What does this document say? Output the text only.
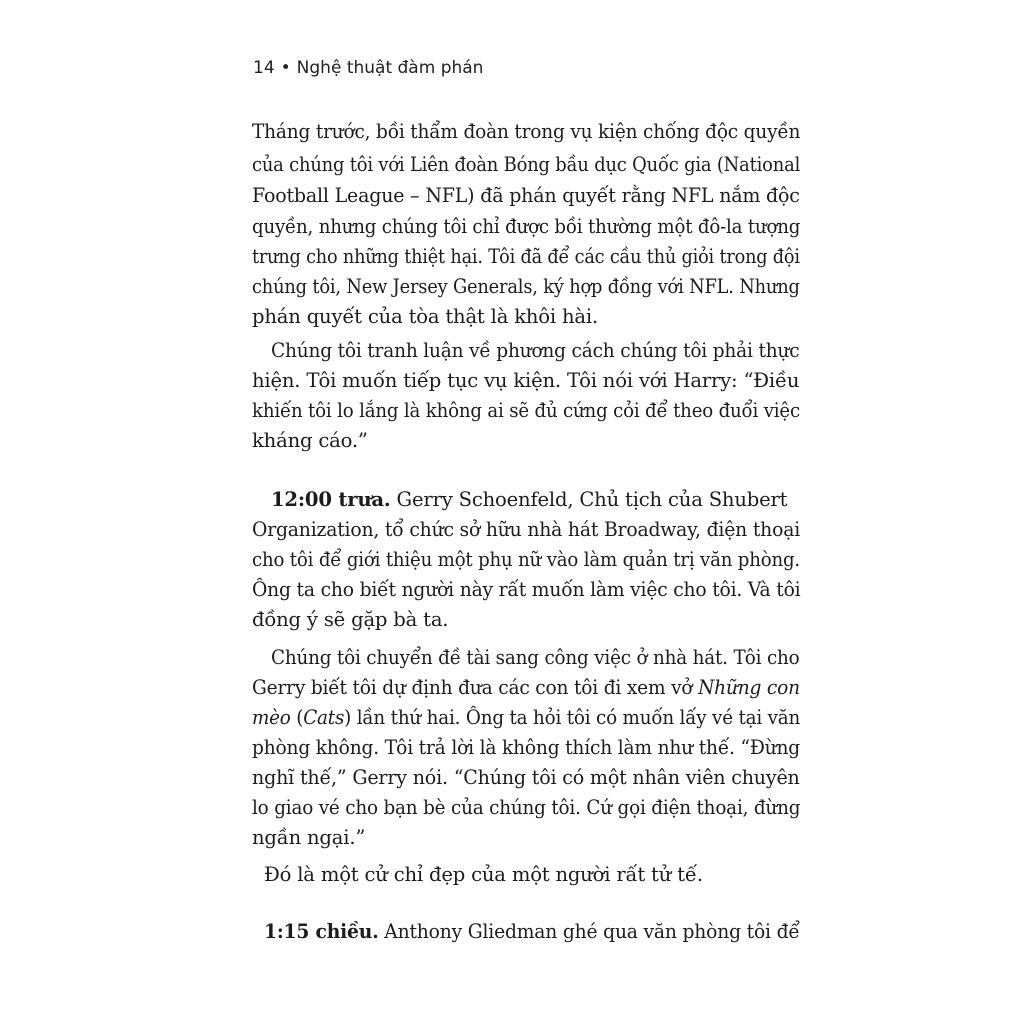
14 • Nghệ thuật đàm phán
Tháng trước, bồi thẩm đoàn trong vụ kiện chống độc quyền
của chúng tôi với Liên đoàn Bóng bầu dục Quốc gia (National
Football League – NFL) đã phán quyết rằng NFL nắm độc
quyền, nhưng chúng tôi chỉ được bồi thường một đô-la tượng
trưng cho những thiệt hại. Tôi đã để các cầu thủ giỏi trong đội
chúng tôi, New Jersey Generals, ký hợp đồng với NFL. Nhưng
phán quyết của tòa thật là khôi hài.
Chúng tôi tranh luận về phương cách chúng tôi phải thực
hiện. Tôi muốn tiếp tục vụ kiện. Tôi nói với Harry: “Điều
khiến tôi lo lắng là không ai sẽ đủ cứng cỏi để theo đuổi việc
kháng cáo.”
12:00 trưa. Gerry Schoenfeld, Chủ tịch của Shubert
Organization, tổ chức sở hữu nhà hát Broadway, điện thoại
cho tôi để giới thiệu một phụ nữ vào làm quản trị văn phòng.
Ông ta cho biết người này rất muốn làm việc cho tôi. Và tôi
đồng ý sẽ gặp bà ta.
Chúng tôi chuyển đề tài sang công việc ở nhà hát. Tôi cho
Gerry biết tôi dự định đưa các con tôi đi xem vở Những con
mèo (Cats) lần thứ hai. Ông ta hỏi tôi có muốn lấy vé tại văn
phòng không. Tôi trả lời là không thích làm như thế. “Đừng
nghĩ thế,” Gerry nói. “Chúng tôi có một nhân viên chuyên
lo giao vé cho bạn bè của chúng tôi. Cứ gọi điện thoại, đừng
ngần ngại.”
Đó là một cử chỉ đẹp của một người rất tử tế.
1:15 chiều. Anthony Gliedman ghé qua văn phòng tôi để
